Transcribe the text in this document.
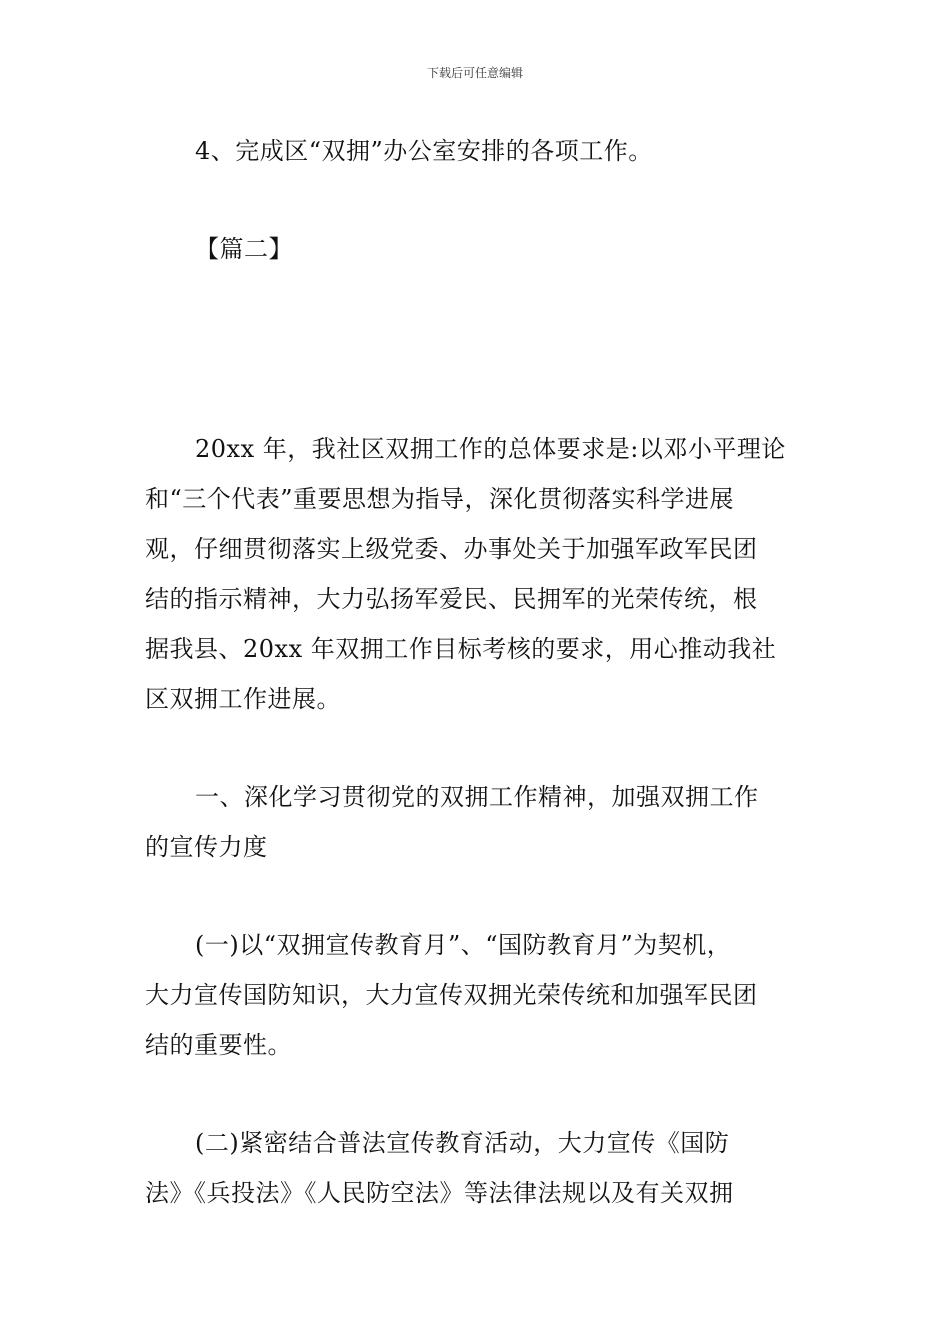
下载后可任意编辑
4、完成区“双拥”办公室安排的各项工作。
【篇二】
20xx 年，我社区双拥工作的总体要求是:以邓小平理论
和“三个代表”重要思想为指导，深化贯彻落实科学进展
观，仔细贯彻落实上级党委、办事处关于加强军政军民团
结的指示精神，大力弘扬军爱民、民拥军的光荣传统，根
据我县、20xx 年双拥工作目标考核的要求，用心推动我社
区双拥工作进展。
一、深化学习贯彻党的双拥工作精神，加强双拥工作
的宣传力度
(一)以“双拥宣传教育月”、“国防教育月”为契机，
大力宣传国防知识，大力宣传双拥光荣传统和加强军民团
结的重要性。
(二)紧密结合普法宣传教育活动，大力宣传《国防
法》《兵投法》《人民防空法》等法律法规以及有关双拥
